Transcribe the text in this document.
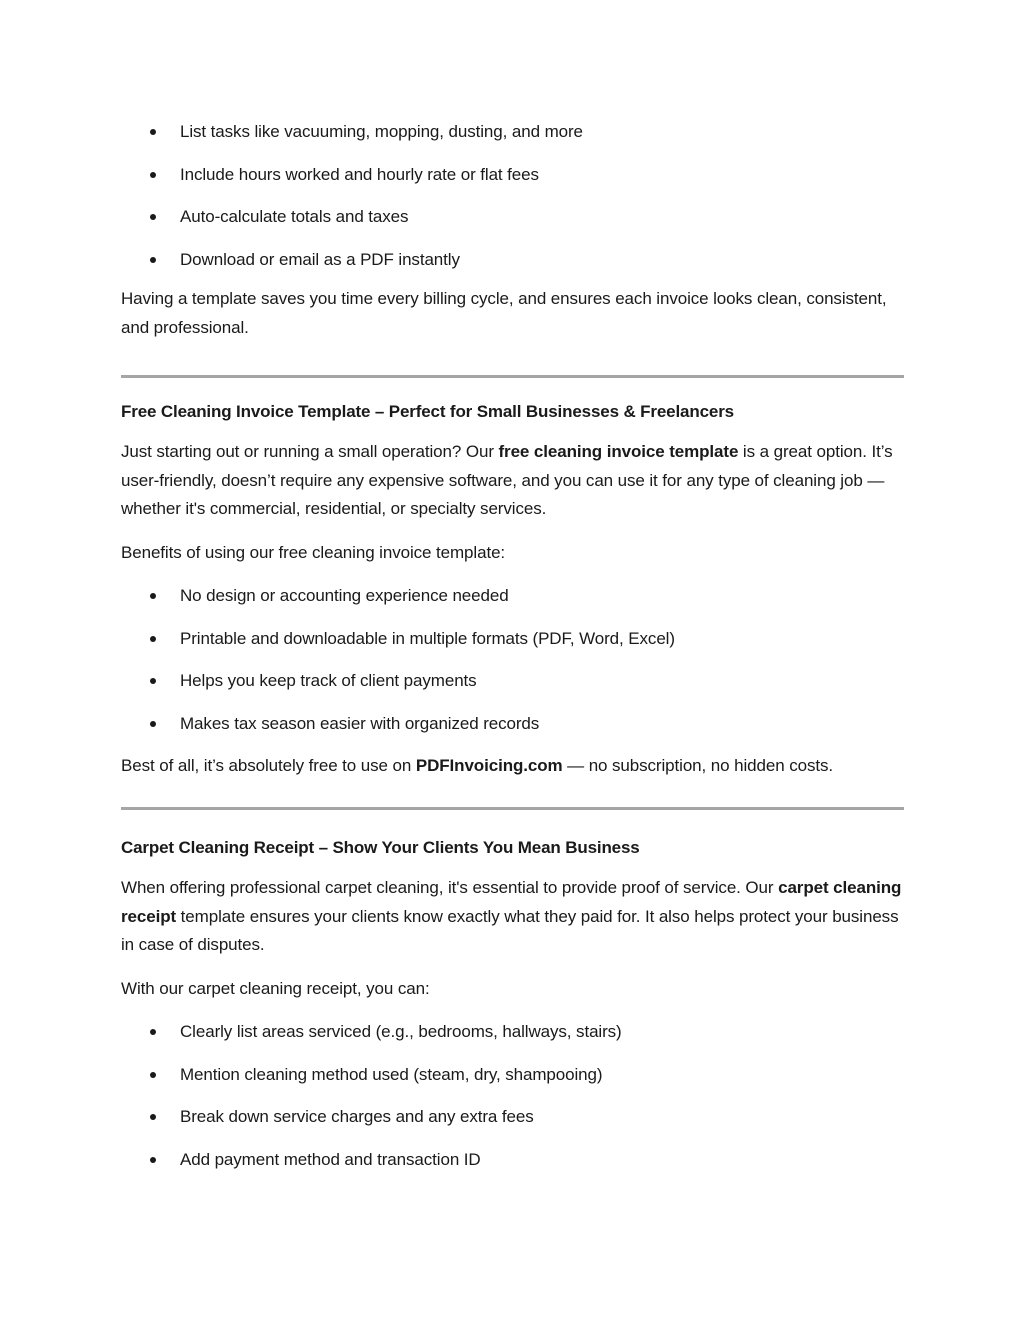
List tasks like vacuuming, mopping, dusting, and more
Include hours worked and hourly rate or flat fees
Auto-calculate totals and taxes
Download or email as a PDF instantly

Having a template saves you time every billing cycle, and ensures each invoice looks clean, consistent, and professional.

Free Cleaning Invoice Template – Perfect for Small Businesses & Freelancers

Just starting out or running a small operation? Our free cleaning invoice template is a great option. It’s user-friendly, doesn’t require any expensive software, and you can use it for any type of cleaning job — whether it's commercial, residential, or specialty services.

Benefits of using our free cleaning invoice template:

No design or accounting experience needed
Printable and downloadable in multiple formats (PDF, Word, Excel)
Helps you keep track of client payments
Makes tax season easier with organized records

Best of all, it’s absolutely free to use on PDFInvoicing.com — no subscription, no hidden costs.

Carpet Cleaning Receipt – Show Your Clients You Mean Business

When offering professional carpet cleaning, it's essential to provide proof of service. Our carpet cleaning receipt template ensures your clients know exactly what they paid for. It also helps protect your business in case of disputes.

With our carpet cleaning receipt, you can:

Clearly list areas serviced (e.g., bedrooms, hallways, stairs)
Mention cleaning method used (steam, dry, shampooing)
Break down service charges and any extra fees
Add payment method and transaction ID
